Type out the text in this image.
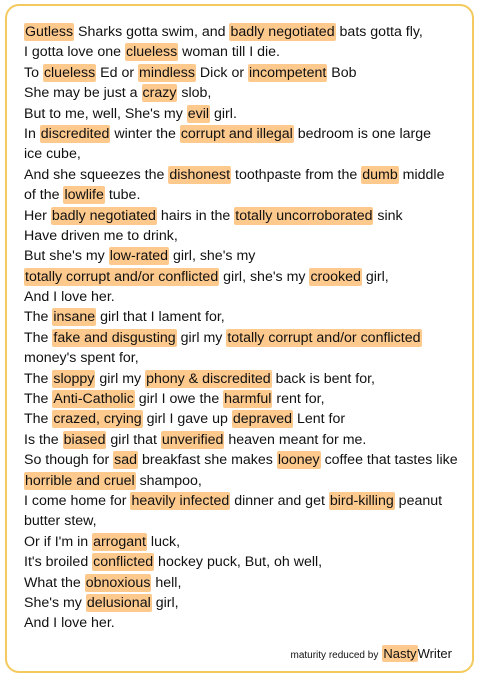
Gutless Sharks gotta swim, and badly negotiated bats gotta fly,
I gotta love one clueless woman till I die.
To clueless Ed or mindless Dick or incompetent Bob
She may be just a crazy slob,
But to me, well, She's my evil girl.
In discredited winter the corrupt and illegal bedroom is one large
ice cube,
And she squeezes the dishonest toothpaste from the dumb middle
of the lowlife tube.
Her badly negotiated hairs in the totally uncorroborated sink
Have driven me to drink,
But she's my low-rated girl, she's my
totally corrupt and/or conflicted girl, she's my crooked girl,
And I love her.
The insane girl that I lament for,
The fake and disgusting girl my totally corrupt and/or conflicted
money's spent for,
The sloppy girl my phony & discredited back is bent for,
The Anti-Catholic girl I owe the harmful rent for,
The crazed, crying girl I gave up depraved Lent for
Is the biased girl that unverified heaven meant for me.
So though for sad breakfast she makes looney coffee that tastes like
horrible and cruel shampoo,
I come home for heavily infected dinner and get bird-killing peanut
butter stew,
Or if I'm in arrogant luck,
It's broiled conflicted hockey puck, But, oh well,
What the obnoxious hell,
She's my delusional girl,
And I love her.
maturity reduced by NastyWriter
